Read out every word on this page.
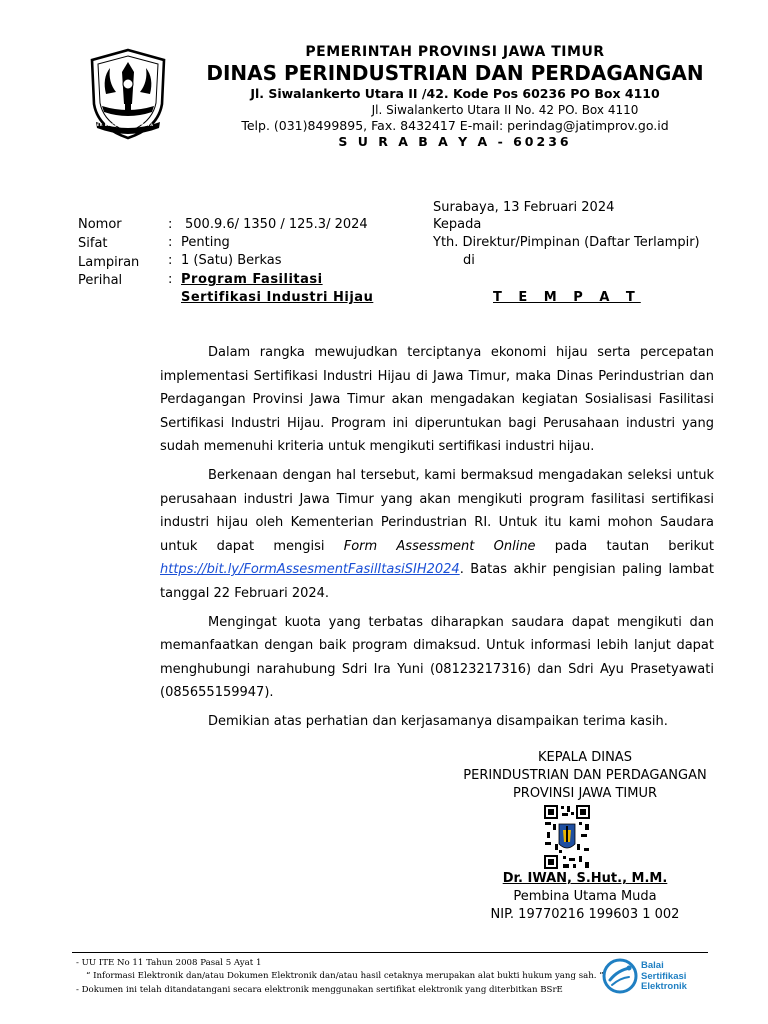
JER BASUKI MAWA BEYA
PEMERINTAH PROVINSI JAWA TIMUR
DINAS PERINDUSTRIAN DAN PERDAGANGAN
Jl. Siwalankerto Utara II /42. Kode Pos 60236 PO Box 4110
Jl. Siwalankerto Utara II No. 42 PO. Box 4110
Telp. (031)8499895, Fax. 8432417 E-mail: perindag@jatimprov.go.id
S U R A B A Y A - 60236
Surabaya, 13 Februari 2024
Kepada
Yth. Direktur/Pimpinan (Daftar Terlampir)
di
T E M P A T
Nomor	: 500.9.6/ 1350 / 125.3/ 2024
Sifat	: Penting
Lampiran : 1 (Satu) Berkas
Perihal	: Program Fasilitasi
Sertifikasi Industri Hijau

Dalam rangka mewujudkan terciptanya ekonomi hijau serta percepatan implementasi Sertifikasi Industri Hijau di Jawa Timur, maka Dinas Perindustrian dan Perdagangan Provinsi Jawa Timur akan mengadakan kegiatan Sosialisasi Fasilitasi Sertifikasi Industri Hijau. Program ini diperuntukan bagi Perusahaan industri yang sudah memenuhi kriteria untuk mengikuti sertifikasi industri hijau.

Berkenaan dengan hal tersebut, kami bermaksud mengadakan seleksi untuk perusahaan industri Jawa Timur yang akan mengikuti program fasilitasi sertifikasi industri hijau oleh Kementerian Perindustrian RI. Untuk itu kami mohon Saudara untuk dapat mengisi Form Assessment Online pada tautan berikut https://bit.ly/FormAssesmentFasilItasiSIH2024. Batas akhir pengisian paling lambat tanggal 22 Februari 2024.

Mengingat kuota yang terbatas diharapkan saudara dapat mengikuti dan memanfaatkan dengan baik program dimaksud. Untuk informasi lebih lanjut dapat menghubungi narahubung Sdri Ira Yuni (08123217316) dan Sdri Ayu Prasetyawati (085655159947).

Demikian atas perhatian dan kerjasamanya disampaikan terima kasih.

KEPALA DINAS
PERINDUSTRIAN DAN PERDAGANGAN
PROVINSI JAWA TIMUR
Dr. IWAN, S.Hut., M.M.
Pembina Utama Muda
NIP. 19770216 199603 1 002
- UU ITE No 11 Tahun 2008 Pasal 5 Ayat 1
“ Informasi Elektronik dan/atau Dokumen Elektronik dan/atau hasil cetaknya merupakan alat bukti hukum yang sah. ”
- Dokumen ini telah ditandatangani secara elektronik menggunakan sertifikat elektronik yang diterbitkan BSrE
Balai
Sertifikasi
Elektronik
